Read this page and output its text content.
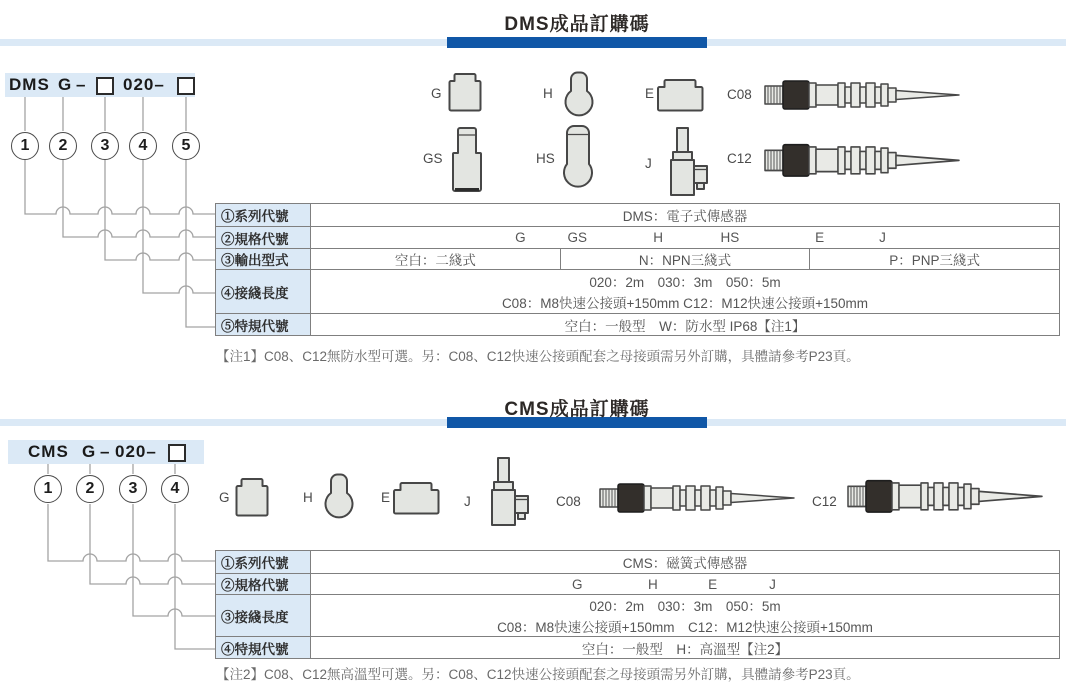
DMS成品訂購碼
CMS成品訂購碼
DMS G – 020–
1	2	3	4	5
G	H	E	C08
GS	HS	J	C12
①系列代號	DMS：電子式傳感器
②規格代號	G	GS	H	HS	E	J
③輸出型式	空白：二綫式	N：NPN三綫式	P：PNP三綫式
④接綫長度
020：2m　030：3m　050：5m
C08：M8快速公接頭+150mm C12：M12快速公接頭+150mm
⑤特規代號	空白：一般型　W：防水型 IP68【注1】
【注1】C08、C12無防水型可選。另：C08、C12快速公接頭配套之母接頭需另外訂購，具體請參考P23頁。
CMS G – 020–
1	2	3	4
G	H	E	J	C08	C12
①系列代號	CMS：磁簧式傳感器
②規格代號	G	H	E	J
③接綫長度
020：2m　030：3m　050：5m
C08：M8快速公接頭+150mm　C12：M12快速公接頭+150mm
④特規代號	空白：一般型　H：高溫型【注2】
【注2】C08、C12無高溫型可選。另：C08、C12快速公接頭配套之母接頭需另外訂購，具體請參考P23頁。
